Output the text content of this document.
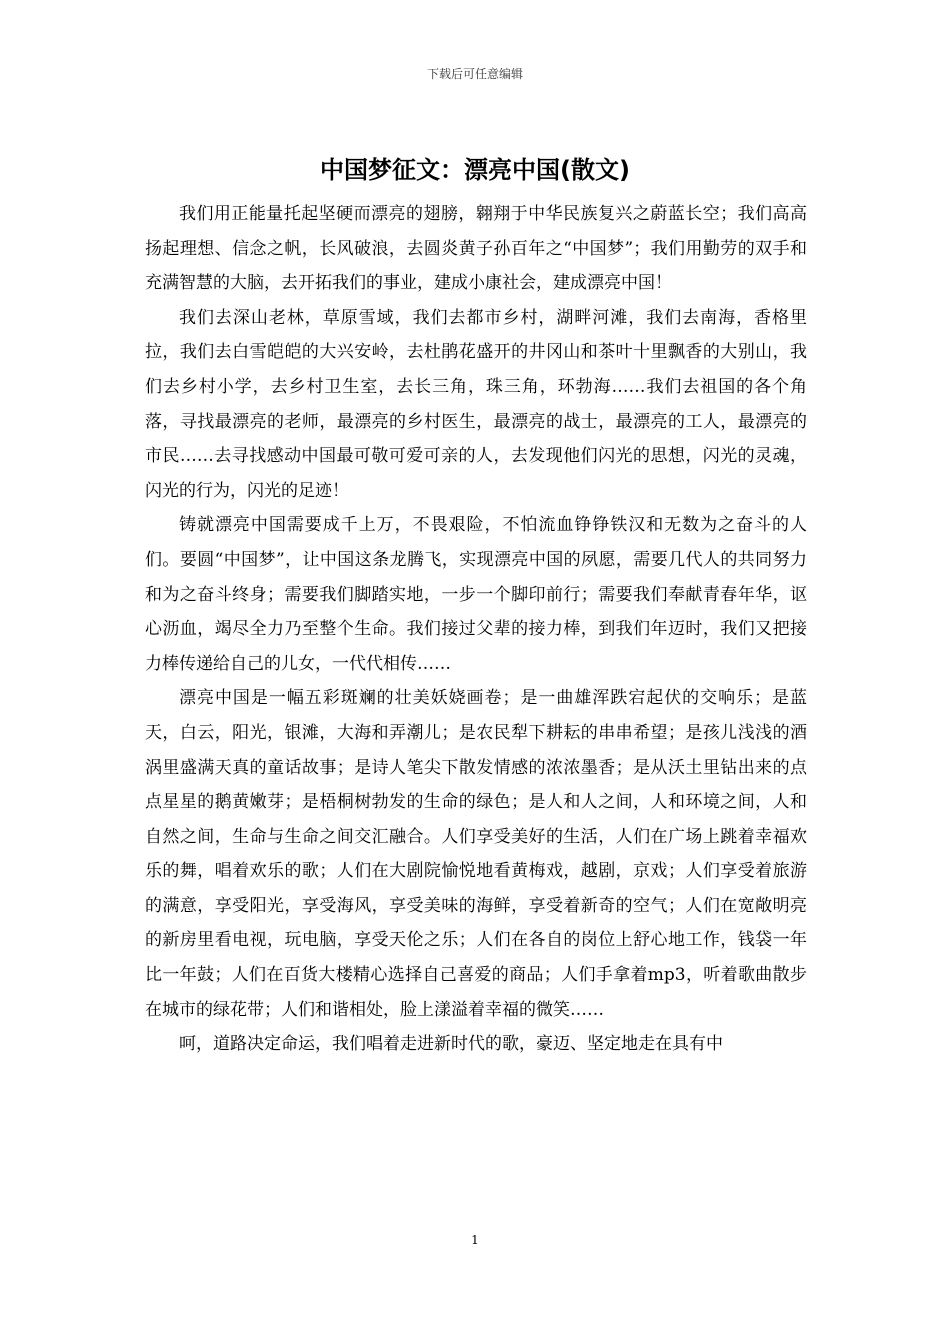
下载后可任意编辑
中国梦征文：漂亮中国(散文)

我们用正能量托起坚硬而漂亮的翅膀，翱翔于中华民族复兴之蔚蓝长空；我们高高扬起理想、信念之帆，长风破浪，去圆炎黄子孙百年之“中国梦”；我们用勤劳的双手和充满智慧的大脑，去开拓我们的事业，建成小康社会，建成漂亮中国！

我们去深山老林，草原雪域，我们去都市乡村，湖畔河滩，我们去南海，香格里拉，我们去白雪皑皑的大兴安岭，去杜鹃花盛开的井冈山和茶叶十里飘香的大别山，我们去乡村小学，去乡村卫生室，去长三角，珠三角，环勃海……我们去祖国的各个角落，寻找最漂亮的老师，最漂亮的乡村医生，最漂亮的战士，最漂亮的工人，最漂亮的市民……去寻找感动中国最可敬可爱可亲的人，去发现他们闪光的思想，闪光的灵魂，闪光的行为，闪光的足迹！

铸就漂亮中国需要成千上万，不畏艰险，不怕流血铮铮铁汉和无数为之奋斗的人们。要圆“中国梦”，让中国这条龙腾飞，实现漂亮中国的夙愿，需要几代人的共同努力和为之奋斗终身；需要我们脚踏实地，一步一个脚印前行；需要我们奉献青春年华，讴心沥血，竭尽全力乃至整个生命。我们接过父辈的接力棒，到我们年迈时，我们又把接力棒传递给自己的儿女，一代代相传……

漂亮中国是一幅五彩斑斓的壮美妖娆画卷；是一曲雄浑跌宕起伏的交响乐；是蓝天，白云，阳光，银滩，大海和弄潮儿；是农民犁下耕耘的串串希望；是孩儿浅浅的酒涡里盛满天真的童话故事；是诗人笔尖下散发情感的浓浓墨香；是从沃土里钻出来的点点星星的鹅黄嫩芽；是梧桐树勃发的生命的绿色；是人和人之间，人和环境之间，人和自然之间，生命与生命之间交汇融合。人们享受美好的生活，人们在广场上跳着幸福欢乐的舞，唱着欢乐的歌；人们在大剧院愉悦地看黄梅戏，越剧，京戏；人们享受着旅游的满意，享受阳光，享受海风，享受美味的海鲜，享受着新奇的空气；人们在宽敞明亮的新房里看电视，玩电脑，享受天伦之乐；人们在各自的岗位上舒心地工作，钱袋一年比一年鼓；人们在百货大楼精心选择自己喜爱的商品；人们手拿着mp3，听着歌曲散步在城市的绿花带；人们和谐相处，脸上漾溢着幸福的微笑……

呵，道路决定命运，我们唱着走进新时代的歌，豪迈、坚定地走在具有中

1
